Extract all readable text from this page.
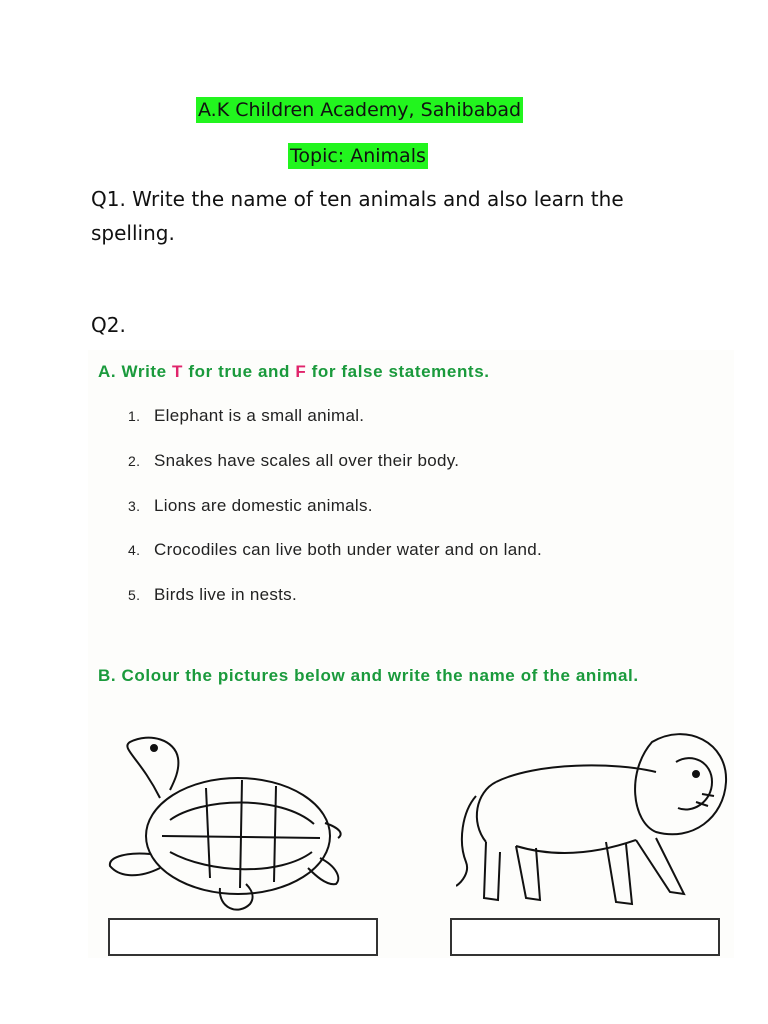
A.K Children Academy, Sahibabad
Topic: Animals
Q1. Write the name of ten animals and also learn the spelling.
Q2.
A. Write T for true and F for false statements.
1. Elephant is a small animal.
2. Snakes have scales all over their body.
3. Lions are domestic animals.
4. Crocodiles can live both under water and on land.
5. Birds live in nests.
B. Colour the pictures below and write the name of the animal.
